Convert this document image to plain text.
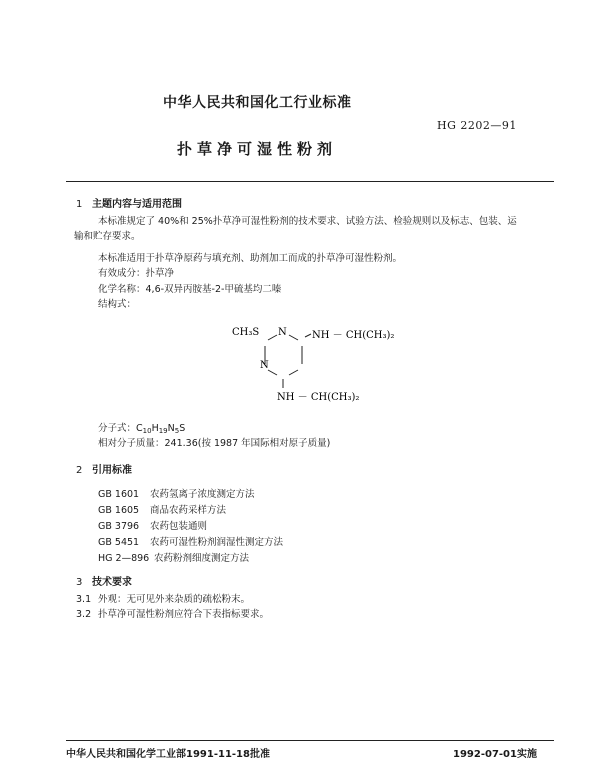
中华人民共和国化工行业标准
HG 2202—91
扑草净可湿性粉剂
1 主题内容与适用范围
本标准规定了 40%和 25%扑草净可湿性粉剂的技术要求、试验方法、检验规则以及标志、包装、运
输和贮存要求。
本标准适用于扑草净原药与填充剂、助剂加工而成的扑草净可湿性粉剂。
有效成分：扑草净
化学名称：4,6-双异丙胺基-2-甲硫基均二嗪
结构式：
CH₃S N
N
NH － CH(CH₃)₂
NH － CH(CH₃)₂
分子式：$C_{10}H_{19}N_5S$
相对分子质量：241.36(按 1987 年国际相对原子质量)
2 引用标准
GB 1601 农药氢离子浓度测定方法
GB 1605 商品农药采样方法
GB 3796 农药包装通则
GB 5451 农药可湿性粉剂润湿性测定方法
HG 2—896 农药粉剂细度测定方法
3 技术要求
3.1 外观：无可见外来杂质的疏松粉末。
3.2 扑草净可湿性粉剂应符合下表指标要求。
中华人民共和国化学工业部1991-11-18批准	1992-07-01实施
